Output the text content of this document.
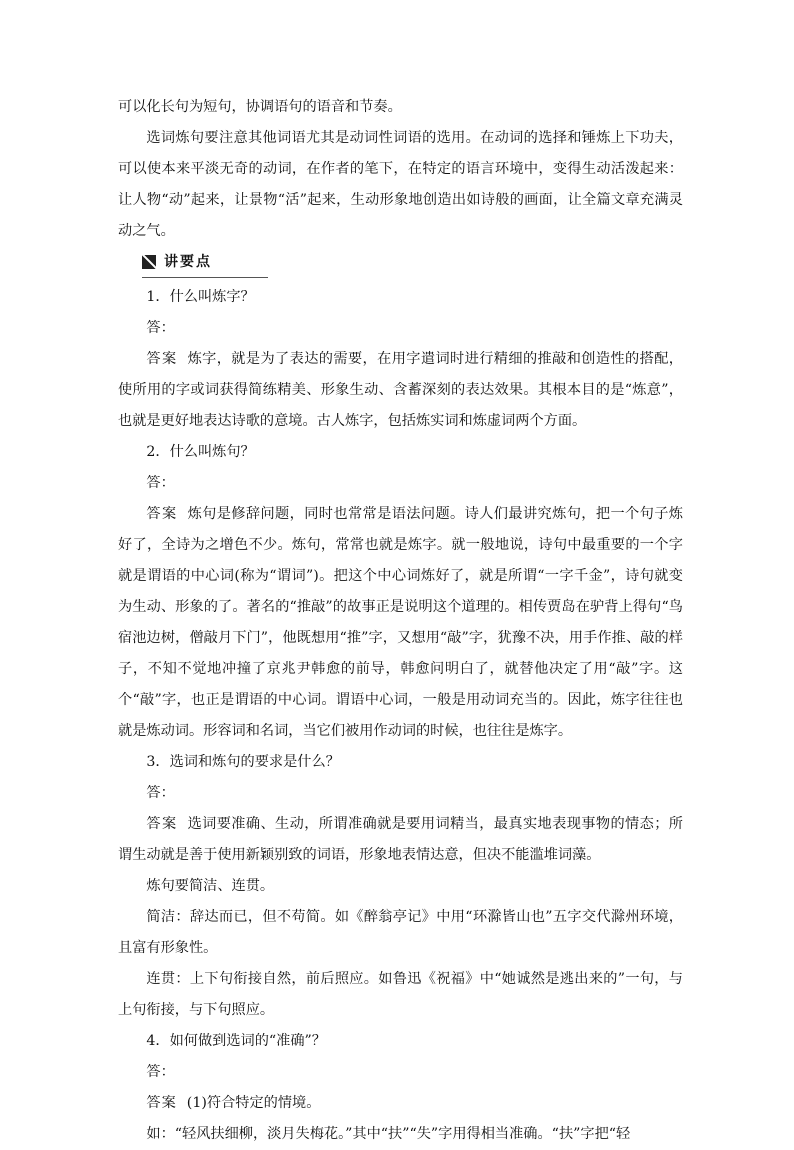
可以化长句为短句，协调语句的语音和节奏。

选词炼句要注意其他词语尤其是动词性词语的选用。在动词的选择和锤炼上下功夫，可以使本来平淡无奇的动词，在作者的笔下，在特定的语言环境中，变得生动活泼起来：让人物“动”起来，让景物“活”起来，生动形象地创造出如诗般的画面，让全篇文章充满灵动之气。

讲要点

1．什么叫炼字？

答：

答案 炼字，就是为了表达的需要，在用字遣词时进行精细的推敲和创造性的搭配，使所用的字或词获得简练精美、形象生动、含蓄深刻的表达效果。其根本目的是“炼意”，也就是更好地表达诗歌的意境。古人炼字，包括炼实词和炼虚词两个方面。

2．什么叫炼句？

答：

答案 炼句是修辞问题，同时也常常是语法问题。诗人们最讲究炼句，把一个句子炼好了，全诗为之增色不少。炼句，常常也就是炼字。就一般地说，诗句中最重要的一个字就是谓语的中心词(称为“谓词”)。把这个中心词炼好了，就是所谓“一字千金”，诗句就变为生动、形象的了。著名的“推敲”的故事正是说明这个道理的。相传贾岛在驴背上得句“鸟宿池边树，僧敲月下门”，他既想用“推”字，又想用“敲”字，犹豫不决，用手作推、敲的样子，不知不觉地冲撞了京兆尹韩愈的前导，韩愈问明白了，就替他决定了用“敲”字。这个“敲”字，也正是谓语的中心词。谓语中心词，一般是用动词充当的。因此，炼字往往也就是炼动词。形容词和名词，当它们被用作动词的时候，也往往是炼字。

3．选词和炼句的要求是什么？

答：

答案 选词要准确、生动，所谓准确就是要用词精当，最真实地表现事物的情态；所谓生动就是善于使用新颖别致的词语，形象地表情达意，但决不能滥堆词藻。

炼句要简洁、连贯。

简洁：辞达而已，但不苟简。如《醉翁亭记》中用“环滁皆山也”五字交代滁州环境，且富有形象性。

连贯：上下句衔接自然，前后照应。如鲁迅《祝福》中“她诚然是逃出来的”一句，与上句衔接，与下句照应。

4．如何做到选词的“准确”？

答：

答案 (1)符合特定的情境。

如：“轻风扶细柳，淡月失梅花。”其中“扶”“失”字用得相当准确。“扶”字把“轻
